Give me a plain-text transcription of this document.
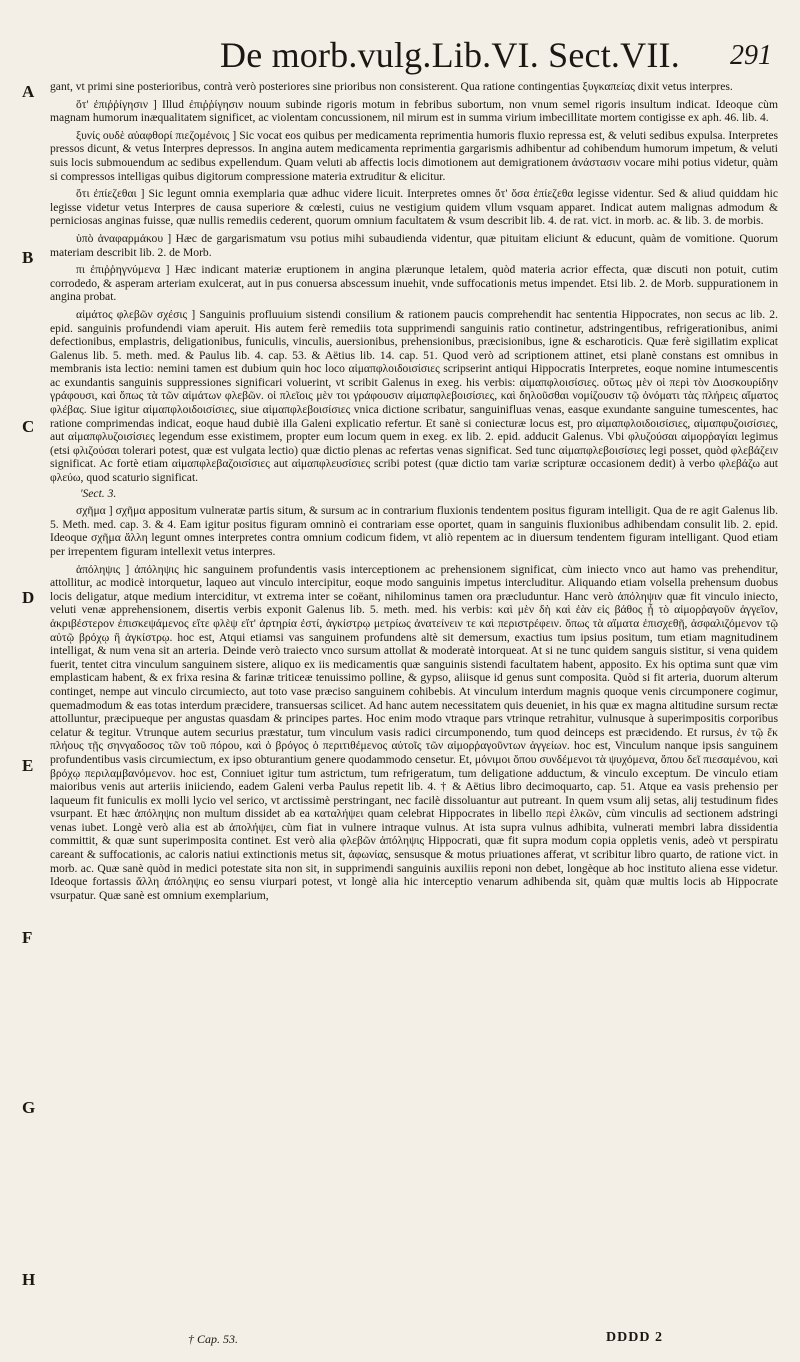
De morb.vulg.Lib.VI. Sect.VII. 291
A
B
C
D
E
F
G
H

gant, vt primi sine posterioribus, contrà verò posteriores sine prioribus non consisterent. Qua ratione contingentias ξυγκαπείας dixit vetus interpres.

ὅτ' ἐπιῤῥίγησιν ] Illud ἐπιῤῥίγησιν nouum subinde rigoris motum in febribus subortum, non vnum semel rigoris insultum indicat. Ideoque cùm magnam humorum inæqualitatem significet, ac violentam concussionem, nil mirum est in summa virium imbecillitate mortem contigisse ex aph. 46. lib. 4.

ξυνίς ουδὲ αὐαφθορί πιεζομένοις ] Sic vocat eos quibus per medicamenta reprimentia humoris fluxio repressa est, & veluti sedibus expulsa. Interpretes pressos dicunt, & vetus Interpres depressos. In angina autem medicamenta reprimentia gargarismis adhibentur ad cohibendum humorum impetum, & veluti suis locis submouendum ac sedibus expellendum. Quam veluti ab affectis locis dimotionem aut demigrationem ἀνάστασιν vocare mihi potius videtur, quàm si compressos intelligas quibus digitorum compressione materia extruditur & elicitur.

ὅτι ἐπίεζεθαι ] Sic legunt omnia exemplaria quæ adhuc videre licuit. Interpretes omnes ὅτ' ὅσα ἐπίεζεθα legisse videntur. Sed & aliud quiddam hic legisse videtur vetus Interpres de causa superiore & cœlesti, cuius ne vestigium quidem vllum vsquam apparet. Indicat autem malignas admodum & perniciosas anginas fuisse, quæ nullis remediis cederent, quorum omnium facultatem & vsum describit lib. 4. de rat. vict. in morb. ac. & lib. 3. de morbis.

ὑπὸ ἀναφαρμάκου ] Hæc de gargarismatum vsu potius mihi subaudienda videntur, quæ pituitam eliciunt & educunt, quàm de vomitione. Quorum materiam describit lib. 2. de Morb.

πι ἐπιῤῥηγνύμενα ] Hæc indicant materiæ eruptionem in angina plærunque letalem, quòd materia acrior effecta, quæ discuti non potuit, cutim corrodedo, & asperam arteriam exulcerat, aut in pus conuersa abscessum inuehit, vnde suffocationis metus impendet. Etsi lib. 2. de Morb. suppurationem in angina probat.

αἰμάτος φλεβῶν σχέσις ] Sanguinis profluuium sistendi consilium & rationem paucis comprehendit hac sententia Hippocrates, non secus ac lib. 2. epid. sanguinis profundendi viam aperuit. His autem ferè remediis tota supprimendi sanguinis ratio continetur, adstringentibus, refrigerationibus, animi defectionibus, emplastris, deligationibus, funiculis, vinculis, auersionibus, prehensionibus, præcisionibus, igne & escharoticis. Quæ ferè sigillatim explicat Galenus lib. 5. meth. med. & Paulus lib. 4. cap. 53. & Aëtius lib. 14. cap. 51. Quod verò ad scriptionem attinet, etsi planè constans est omnibus in membranis ista lectio: nemini tamen est dubium quin hoc loco αἱμαπφλοιδοισίσιες scripserint antiqui Hippocratis Interpretes, eoque nomine intumescentis ac exundantis sanguinis suppressiones significari voluerint, vt scribit Galenus in exeg. his verbis: αἱμαπφλοισίσιες. οὕτως μὲν οἱ περὶ τὸν Διοσκουρίδην γράφουσι, καὶ ὅπως τὰ τῶν αἱμάτων φλεβῶν. οἱ πλεῖοις μὲν τοι γράφουσιν αἱμαπφλεβοισίσιες, καὶ δηλοῦσθαι νομίζουσιν τῷ ὀνόματι τὰς πλήρεις αἵματος φλέβας. Siue igitur αἱμαπφλοιδοισίσιες, siue αἱμαπφλεβοισίσιες vnica dictione scribatur, sanguinifluas venas, easque exundante sanguine tumescentes, hac ratione comprimendas indicat, eoque haud dubiè illa Galeni explicatio refertur. Et sanè si coniecturæ locus est, pro αἱμαπφλοιδοισίσιες, αἱμαπφυζοισίσιες, aut αἱμαπφλυζοισίσιες legendum esse existimem, propter eum locum quem in exeg. ex lib. 2. epid. adducit Galenus. Vbi φλυζούσαι αἱμορῥαγίαι legimus (etsi φλιζούσαι tolerari potest, quæ est vulgata lectio) quæ dictio plenas ac refertas venas significat. Sed tunc αἱμαπφλεβοισίσιες legi posset, quòd φλεβάζειν significat. Ac fortè etiam αἱμαπφλεβαζοισίσιες aut αἱμαπφλευσίσιες scribi potest (quæ dictio tam variæ scripturæ occasionem dedit) à verbo φλεβάζω aut φλεύω, quod scaturio significat.

'Sect. 3.

σχῆμα ] σχῆμα appositum vulneratæ partis situm, & sursum ac in contrarium fluxionis tendentem positus figuram intelligit. Qua de re agit Galenus lib. 5. Meth. med. cap. 3. & 4. Eam igitur positus figuram omninò ei contrariam esse oportet, quam in sanguinis fluxionibus adhibendam consulit lib. 2. epid. Ideoque σχῆμα ἄλλη legunt omnes interpretes contra omnium codicum fidem, vt aliò repentem ac in diuersum tendentem figuram intelligant. Quod etiam per irrepentem figuram intellexit vetus interpres.

ἀπόληψις ] ἀπόληψις hic sanguinem profundentis vasis interceptionem ac prehensionem significat, cùm iniecto vnco aut hamo vas prehenditur, attollitur, ac modicè intorquetur, laqueo aut vinculo intercipitur, eoque modo sanguinis impetus intercluditur. Aliquando etiam volsella prehensum duobus locis deligatur, atque medium interciditur, vt extrema inter se coëant, nihilominus tamen ora præcluduntur. Hanc verò ἀπόληψιν quæ fit vinculo iniecto, veluti venæ apprehensionem, disertis verbis exponit Galenus lib. 5. meth. med. his verbis: καὶ μὲν δὴ καὶ ἐὰν εἰς βάθος ᾖ τὸ αἱμορῥαγοῦν ἀγγεῖον, ἀκριβέστερον ἐπισκεψάμενος εἴτε φλὲψ εἴτ' ἀρτηρία ἐστί, ἀγκίστρῳ μετρίως ἀνατείνειν τε καὶ περιστρέφειν. ὅπως τὰ αἵματα ἐπισχεθῇ, ἀσφαλιζόμενον τῷ αὐτῷ βρόχῳ ἢ ἀγκίστρῳ. hoc est, Atqui etiamsi vas sanguinem profundens altè sit demersum, exactius tum ipsius positum, tum etiam magnitudinem intelligat, & num vena sit an arteria. Deinde verò traiecto vnco sursum attollat & moderatè intorqueat. At si ne tunc quidem sanguis sistitur, si vena quidem fuerit, tentet citra vinculum sanguinem sistere, aliquo ex iis medicamentis quæ sanguinis sistendi facultatem habent, apposito. Ex his optima sunt quæ vim emplasticam habent, & ex frixa resina & farinæ triticeæ tenuissimo polline, & gypso, aliisque id genus sunt composita. Quòd si fit arteria, duorum alterum continget, nempe aut vinculo circumiecto, aut toto vase præciso sanguinem cohibebis. At vinculum interdum magnis quoque venis circumponere cogimur, quemadmodum & eas totas interdum præcidere, transuersas scilicet. Ad hanc autem necessitatem quis deueniet, in his quæ ex magna altitudine sursum rectæ attolluntur, præcipueque per angustas quasdam & principes partes. Hoc enim modo vtraque pars vtrinque retrahitur, vulnusque à superimpositis corporibus celatur & tegitur. Vtrunque autem securius præstatur, tum vinculum vasis radici circumponendo, tum quod deinceps est præcidendo. Et rursus, ἐν τῷ ἔκ πλήους τῇς σηνγαδοσος τῶν τοῦ πόρου, καὶ ὁ βρόγος ὁ περιτιθέμενος αὐτοῖς τῶν αἱμορῥαγοῦντων ἀγγείων. hoc est, Vinculum nanque ipsis sanguinem profundentibus vasis circumiectum, ex ipso obturantium genere quodammodo censetur. Et, μόνιμοι ὅπου συνδέμενοι τὰ ψυχόμενα, ὅπου δεῖ πιεσαμένου, καὶ βρόχῳ περιλαμβανόμενον. hoc est, Conniuet igitur tum astrictum, tum refrigeratum, tum deligatione adductum, & vinculo exceptum. De vinculo etiam maioribus venis aut arteriis iniiciendo, eadem Galeni verba Paulus repetit lib. 4. † & Aëtius libro decimoquarto, cap. 51. Atque ea vasis prehensio per laqueum fit funiculis ex molli lycio vel serico, vt arctissimè perstringant, nec facilè dissoluantur aut putreant. In quem vsum alij setas, alij testudinum fides vsurpant. Et hæc ἀπόληψις non multum dissidet ab ea καταλήψει quam celebrat Hippocrates in libello περὶ ἑλκῶν, cùm vinculis ad sectionem adstringi venas iubet. Longè verò alia est ab ἀπολήψει, cùm fiat in vulnere intraque vulnus. At ista supra vulnus adhibita, vulnerati membri labra dissidentia committit, & quæ sunt superimposita continet. Est verò alia φλεβῶν ἀπόληψις Hippocrati, quæ fit supra modum copia oppletis venis, adeò vt perspiratu careant & suffocationis, ac caloris natiui extinctionis metus sit, ἀφωνίας, sensusque & motus priuationes afferat, vt scribitur libro quarto, de ratione vict. in morb. ac. Quæ sanè quòd in medici potestate sita non sit, in supprimendi sanguinis auxiliis reponi non debet, longèque ab hoc instituto aliena esse videtur. Ideoque fortassis ἄλλη ἀπόληψις eo sensu viurpari potest, vt longè alia hic interceptio venarum adhibenda sit, quàm quæ multis locis ab Hippocrate vsurpatur. Quæ sanè est omnium exemplarium,

† Cap. 53.	DDDD 2
